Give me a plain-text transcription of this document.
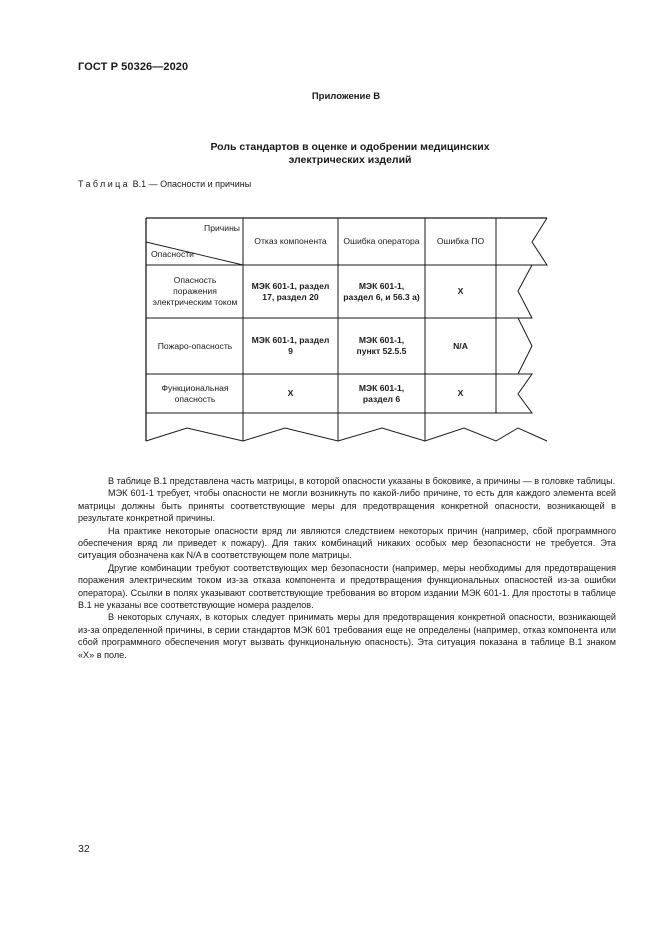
ГОСТ Р 50326—2020
Приложение В
Роль стандартов в оценке и одобрении медицинских
электрических изделий
Таблица В.1 — Опасности и причины
Причины
Опасности
Отказ компонента	Ошибка оператора	Ошибка ПО
Опасность поражения электрическим током
МЭК 601-1, раздел 17, раздел 20
МЭК 601-1, раздел 6, и 56.3 а)
X
Пожаро-опасность
МЭК 601-1, раздел 9
МЭК 601-1, пункт 52.5.5
N/A
Функциональная опасность
X
МЭК 601-1, раздел 6
X

В таблице В.1 представлена часть матрицы, в которой опасности указаны в боковике, а причины — в головке таблицы.

МЭК 601-1 требует, чтобы опасности не могли возникнуть по какой-либо причине, то есть для каждого элемента всей матрицы должны быть приняты соответствующие меры для предотвращения конкретной опасности, возникающей в результате конкретной причины.

На практике некоторые опасности вряд ли являются следствием некоторых причин (например, сбой программного обеспечения вряд ли приведет к пожару). Для таких комбинаций никаких особых мер безопасности не требуется. Эта ситуация обозначена как N/A в соответствующем поле матрицы.

Другие комбинации требуют соответствующих мер безопасности (например, меры необходимы для предотвращения поражения электрическим током из-за отказа компонента и предотвращения функциональных опасностей из-за ошибки оператора). Ссылки в полях указывают соответствующие требования во втором издании МЭК 601-1. Для простоты в таблице В.1 не указаны все соответствующие номера разделов.

В некоторых случаях, в которых следует принимать меры для предотвращения конкретной опасности, возникающей из-за определенной причины, в серии стандартов МЭК 601 требования еще не определены (например, отказ компонента или сбой программного обеспечения могут вызвать функциональную опасность). Эта ситуация показана в таблице В.1 знаком «X» в поле.

32
